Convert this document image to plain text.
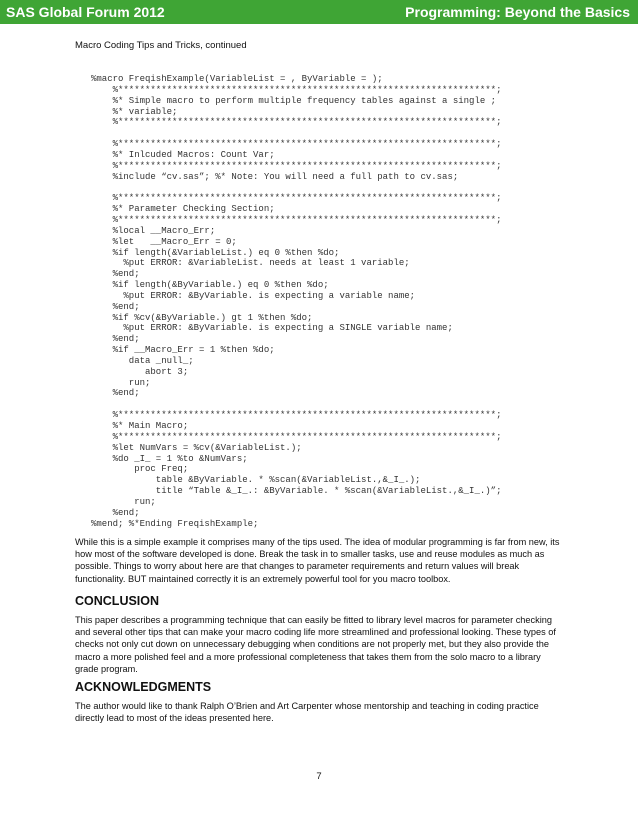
SAS Global Forum 2012	Programming: Beyond the Basics
Macro Coding Tips and Tricks, continued
%macro FreqishExample(VariableList = , ByVariable = );
%**********************************************************************;
%* Simple macro to perform multiple frequency tables against a single ;
%* variable;
%**********************************************************************;

%**********************************************************************;
%* Inlcuded Macros: Count Var;
%**********************************************************************;
%include “cv.sas”; %* Note: You will need a full path to cv.sas;

%**********************************************************************;
%* Parameter Checking Section;
%**********************************************************************;
%local __Macro_Err;
%let   __Macro_Err = 0;
%if length(&VariableList.) eq 0 %then %do;
%put ERROR: &VariableList. needs at least 1 variable;
%end;
%if length(&ByVariable.) eq 0 %then %do;
%put ERROR: &ByVariable. is expecting a variable name;
%end;
%if %cv(&ByVariable.) gt 1 %then %do;
%put ERROR: &ByVariable. is expecting a SINGLE variable name;
%end;
%if __Macro_Err = 1 %then %do;
data _null_;
abort 3;
run;
%end;

%**********************************************************************;
%* Main Macro;
%**********************************************************************;
%let NumVars = %cv(&VariableList.);
%do _I_ = 1 %to &NumVars;
proc Freq;
table &ByVariable. * %scan(&VariableList.,&_I_.);
title “Table &_I_.: &ByVariable. * %scan(&VariableList.,&_I_.)”;
run;
%end;
%mend; %*Ending FreqishExample;

While this is a simple example it comprises many of the tips used. The idea of modular programming is far from new, its how most of the software developed is done. Break the task in to smaller tasks, use and reuse modules as much as possible. Things to worry about here are that changes to parameter requirements and return values will break functionality. BUT maintained correctly it is an extremely powerful tool for you macro toolbox.

CONCLUSION

This paper describes a programming technique that can easily be fitted to library level macros for parameter checking and several other tips that can make your macro coding life more streamlined and professional looking. These types of checks not only cut down on unnecessary debugging when conditions are not properly met, but they also provide the macro a more polished feel and a more professional completeness that takes them from the solo macro to a library grade program.

ACKNOWLEDGMENTS

The author would like to thank Ralph O’Brien and Art Carpenter whose mentorship and teaching in coding practice directly lead to most of the ideas presented here.

7
